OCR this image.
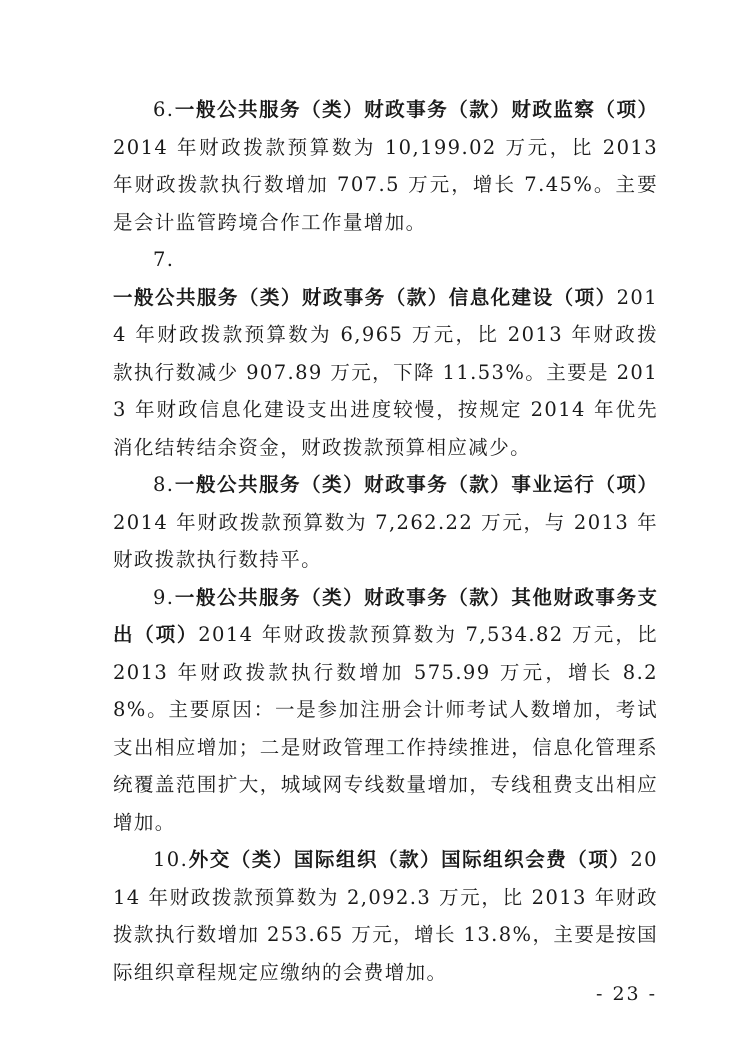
6.一般公共服务（类）财政事务（款）财政监察（项）2014 年财政拨款预算数为 10,199.02 万元，比 2013 年财政拨款执行数增加 707.5 万元，增长 7.45%。主要是会计监管跨境合作工作量增加。

7.一般公共服务（类）财政事务（款）信息化建设（项）2014 年财政拨款预算数为 6,965 万元，比 2013 年财政拨款执行数减少 907.89 万元，下降 11.53%。主要是 2013 年财政信息化建设支出进度较慢，按规定 2014 年优先消化结转结余资金，财政拨款预算相应减少。

8.一般公共服务（类）财政事务（款）事业运行（项）2014 年财政拨款预算数为 7,262.22 万元，与 2013 年财政拨款执行数持平。

9.一般公共服务（类）财政事务（款）其他财政事务支出（项）2014 年财政拨款预算数为 7,534.82 万元，比 2013 年财政拨款执行数增加 575.99 万元，增长 8.28%。主要原因：一是参加注册会计师考试人数增加，考试支出相应增加；二是财政管理工作持续推进，信息化管理系统覆盖范围扩大，城域网专线数量增加，专线租费支出相应增加。

10.外交（类）国际组织（款）国际组织会费（项）2014 年财政拨款预算数为 2,092.3 万元，比 2013 年财政拨款执行数增加 253.65 万元，增长 13.8%，主要是按国际组织章程规定应缴纳的会费增加。

- 23 -
